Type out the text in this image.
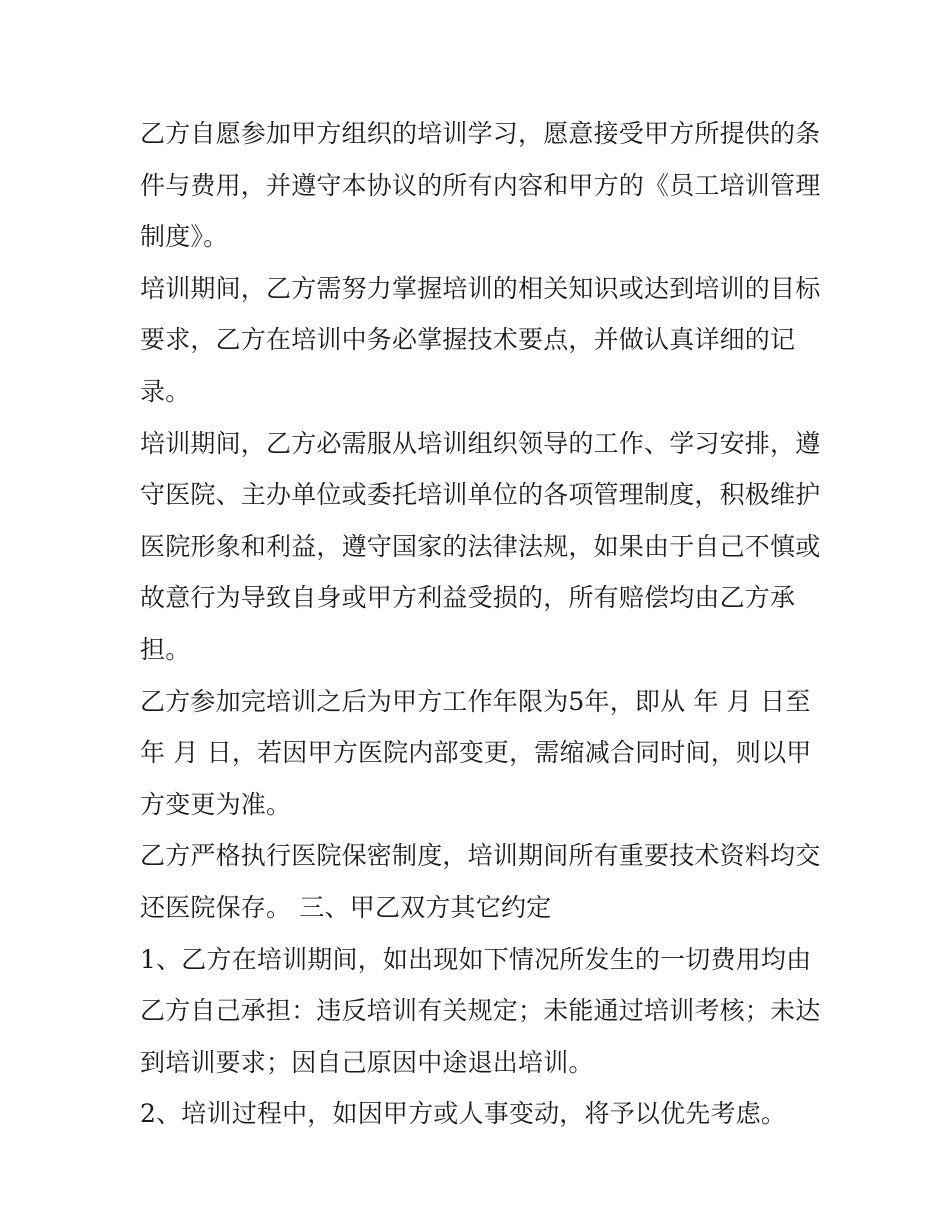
乙方自愿参加甲方组织的培训学习，愿意接受甲方所提供的条
件与费用，并遵守本协议的所有内容和甲方的《员工培训管理
制度》。
培训期间，乙方需努力掌握培训的相关知识或达到培训的目标
要求，乙方在培训中务必掌握技术要点，并做认真详细的记
录。
培训期间，乙方必需服从培训组织领导的工作、学习安排，遵
守医院、主办单位或委托培训单位的各项管理制度，积极维护
医院形象和利益，遵守国家的法律法规，如果由于自己不慎或
故意行为导致自身或甲方利益受损的，所有赔偿均由乙方承
担。
乙方参加完培训之后为甲方工作年限为5年，即从 年 月 日至
年 月 日，若因甲方医院内部变更，需缩减合同时间，则以甲
方变更为准。
乙方严格执行医院保密制度，培训期间所有重要技术资料均交
还医院保存。 三、甲乙双方其它约定
1、乙方在培训期间，如出现如下情况所发生的一切费用均由
乙方自己承担：违反培训有关规定；未能通过培训考核；未达
到培训要求；因自己原因中途退出培训。
2、培训过程中，如因甲方或人事变动，将予以优先考虑。
